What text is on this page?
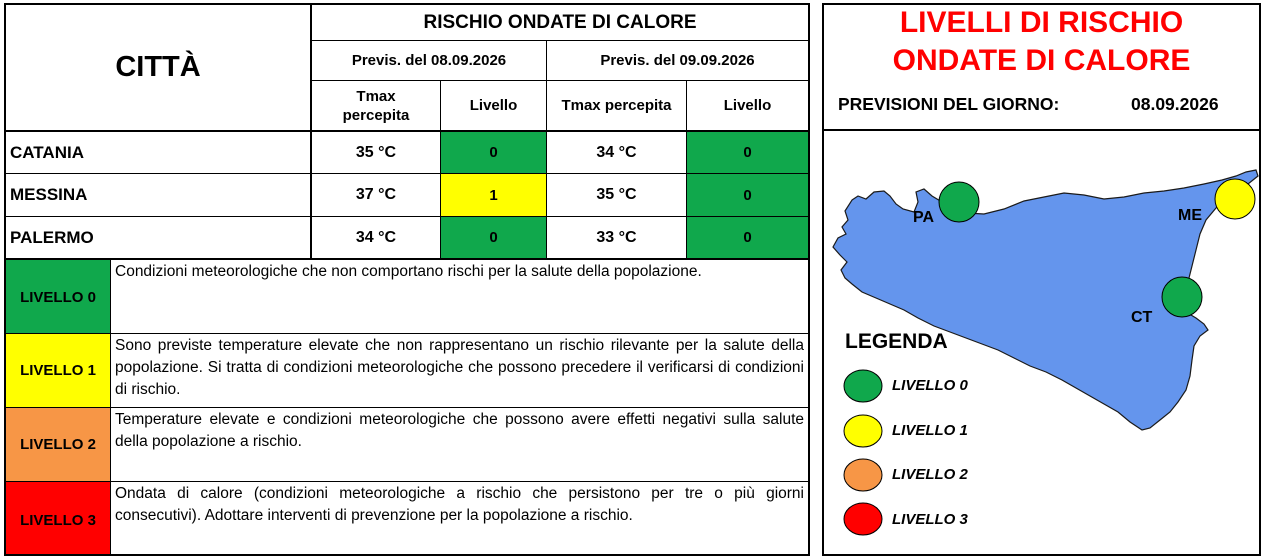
CITTÀ
RISCHIO ONDATE DI CALORE
Previs. del 08.09.2026	Previs. del 09.09.2026
Tmax
percepita
Livello	Tmax percepita	Livello
CATANIA	35 °C	0	34 °C	0
MESSINA	37 °C	1	35 °C	0
PALERMO	34 °C	0	33 °C	0
LIVELLO 0
Condizioni meteorologiche che non comportano rischi per la salute della popolazione.
LIVELLO 1
Sono previste temperature elevate che non rappresentano un rischio rilevante per la salute della popolazione. Si tratta di condizioni meteorologiche che possono precedere il verificarsi di condizioni di rischio.
LIVELLO 2
Temperature elevate e condizioni meteorologiche che possono avere effetti negativi sulla salute della popolazione a rischio.
LIVELLO 3
Ondata di calore (condizioni meteorologiche a rischio che persistono per tre o più giorni consecutivi). Adottare interventi di prevenzione per la popolazione a rischio.
LIVELLI DI RISCHIO
ONDATE DI CALORE
PREVISIONI DEL GIORNO:	08.09.2026
PA	ME
CT
LEGENDA
LIVELLO 0
LIVELLO 1
LIVELLO 2
LIVELLO 3
